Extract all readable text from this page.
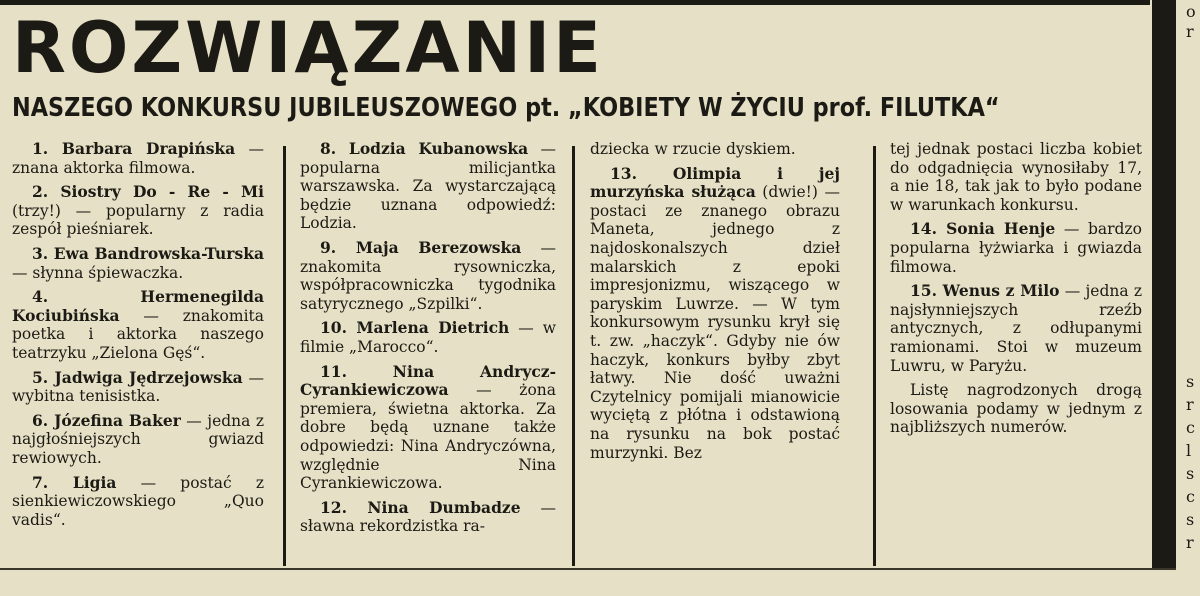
ROZWIĄZANIE
NASZEGO KONKURSU JUBILEUSZOWEGO pt. „KOBIETY W ŻYCIU prof. FILUTKA“

1. Barbara Drapińska — znana aktorka filmowa.

2. Siostry Do - Re - Mi (trzy!) — popularny z radia zespół pieśniarek.

3. Ewa Bandrowska-Turska — słynna śpiewaczka.

4. Hermenegilda Kociubińska — znakomita poetka i aktorka naszego teatrzyku „Zielona Gęś“.

5. Jadwiga Jędrzejowska — wybitna tenisistka.

6. Józefina Baker — jedna z najgłośniejszych gwiazd rewiowych.

7. Ligia — postać z sienkiewiczowskiego „Quo vadis“.

8. Lodzia Kubanowska — popularna milicjantka warszawska. Za wystarczającą będzie uznana odpowiedź: Lodzia.

9. Maja Berezowska — znakomita rysowniczka, współpracowniczka tygodnika satyrycznego „Szpilki“.

10. Marlena Dietrich — w filmie „Marocco“.

11. Nina Andrycz-Cyrankiewiczowa — żona premiera, świetna aktorka. Za dobre będą uznane także odpowiedzi: Nina Andryczówna, względnie Nina Cyrankiewiczowa.

12. Nina Dumbadze — sławna rekordzistka ra-

dziecka w rzucie dyskiem.

13. Olimpia i jej murzyńska służąca (dwie!) — postaci ze znanego obrazu Maneta, jednego z najdoskonalszych dzieł malarskich z epoki impresjonizmu, wiszącego w paryskim Luwrze. — W tym konkursowym rysunku krył się t. zw. „haczyk“. Gdyby nie ów haczyk, konkurs byłby zbyt łatwy. Nie dość uważni Czytelnicy pomijali mianowicie wyciętą z płótna i odstawioną na rysunku na bok postać murzynki. Bez

tej jednak postaci liczba kobiet do odgadnięcia wynosiłaby 17, a nie 18, tak jak to było podane w warunkach konkursu.

14. Sonia Henje — bardzo popularna łyżwiarka i gwiazda filmowa.

15. Wenus z Milo — jedna z najsłynniejszych rzeźb antycznych, z odłupanymi ramionami. Stoi w muzeum Luwru, w Paryżu.

Listę nagrodzonych drogą losowania podamy w jednym z najbliższych numerów.

o
r
s
r
c
l
s
c
s
r
